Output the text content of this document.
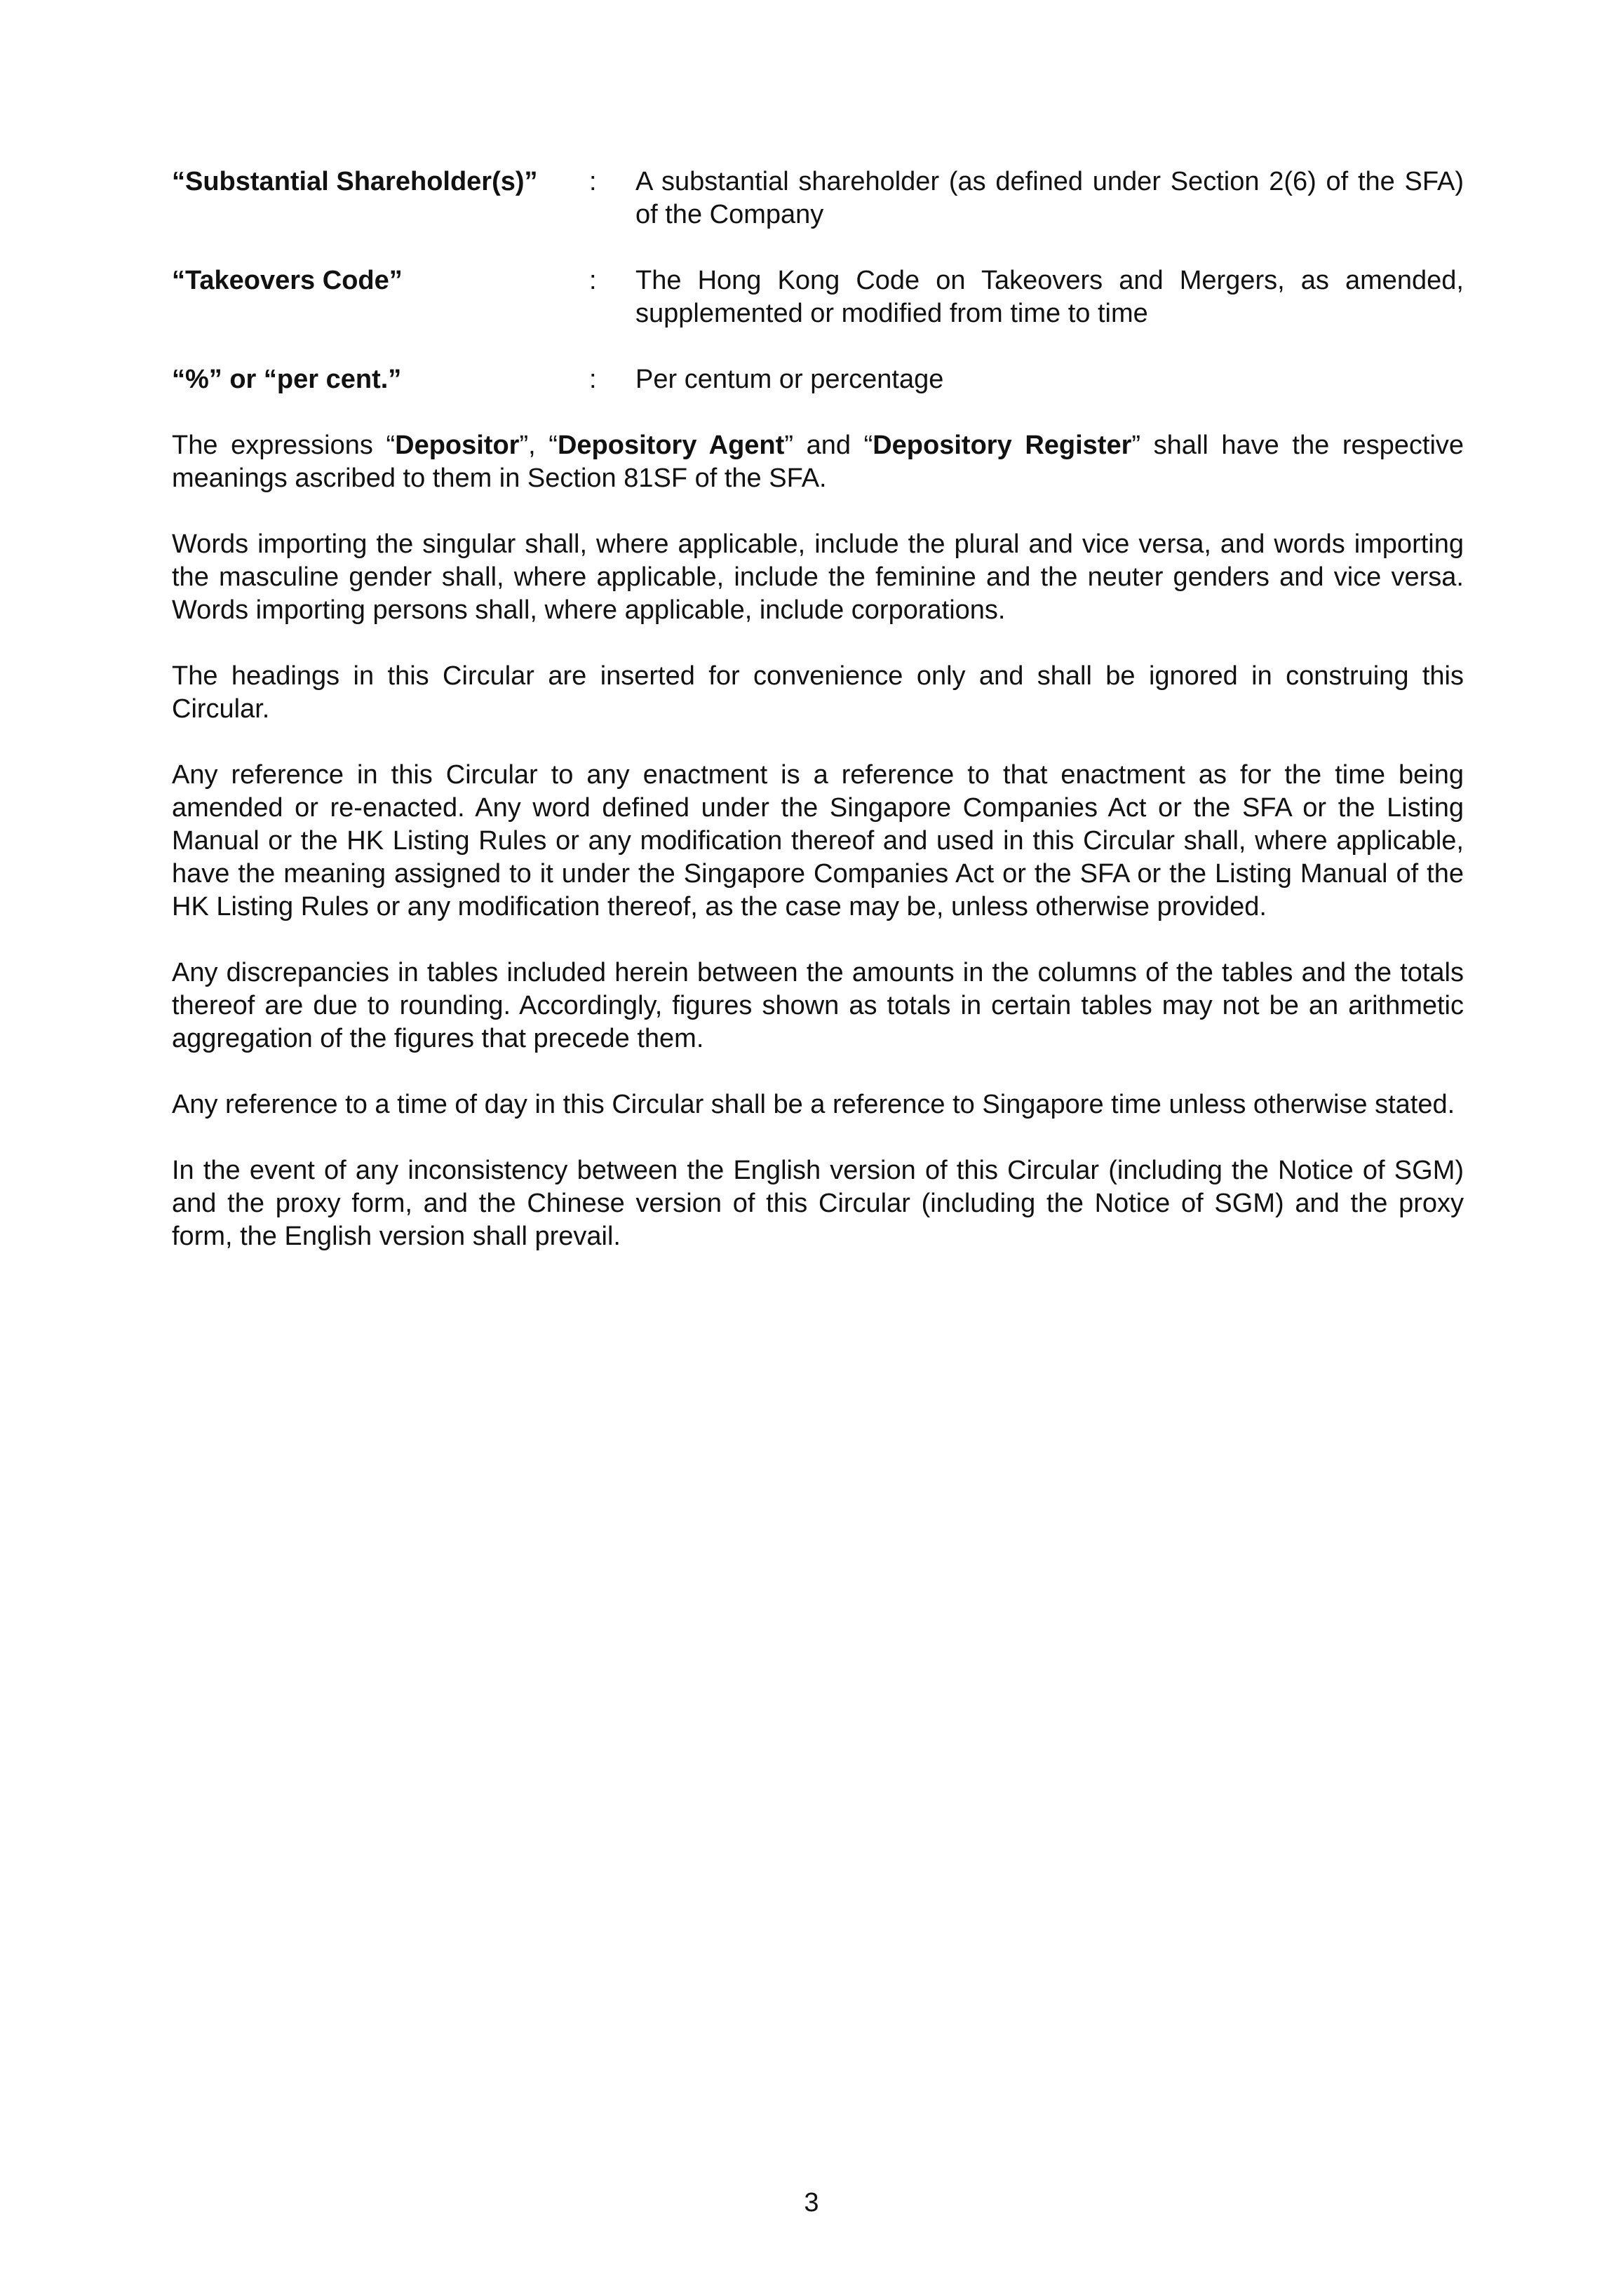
“Substantial Shareholder(s)”	:	A substantial shareholder (as defined under Section 2(6) of the SFA) of the Company
“Takeovers Code”	:	The Hong Kong Code on Takeovers and Mergers, as amended, supplemented or modified from time to time
“%” or “per cent.”	:	Per centum or percentage

The expressions “Depositor”, “Depository Agent” and “Depository Register” shall have the respective meanings ascribed to them in Section 81SF of the SFA.

Words importing the singular shall, where applicable, include the plural and vice versa, and words importing the masculine gender shall, where applicable, include the feminine and the neuter genders and vice versa. Words importing persons shall, where applicable, include corporations.

The headings in this Circular are inserted for convenience only and shall be ignored in construing this Circular.

Any reference in this Circular to any enactment is a reference to that enactment as for the time being amended or re-enacted. Any word defined under the Singapore Companies Act or the SFA or the Listing Manual or the HK Listing Rules or any modification thereof and used in this Circular shall, where applicable, have the meaning assigned to it under the Singapore Companies Act or the SFA or the Listing Manual of the HK Listing Rules or any modification thereof, as the case may be, unless otherwise provided.

Any discrepancies in tables included herein between the amounts in the columns of the tables and the totals thereof are due to rounding. Accordingly, figures shown as totals in certain tables may not be an arithmetic aggregation of the figures that precede them.

Any reference to a time of day in this Circular shall be a reference to Singapore time unless otherwise stated.

In the event of any inconsistency between the English version of this Circular (including the Notice of SGM) and the proxy form, and the Chinese version of this Circular (including the Notice of SGM) and the proxy form, the English version shall prevail.

3
